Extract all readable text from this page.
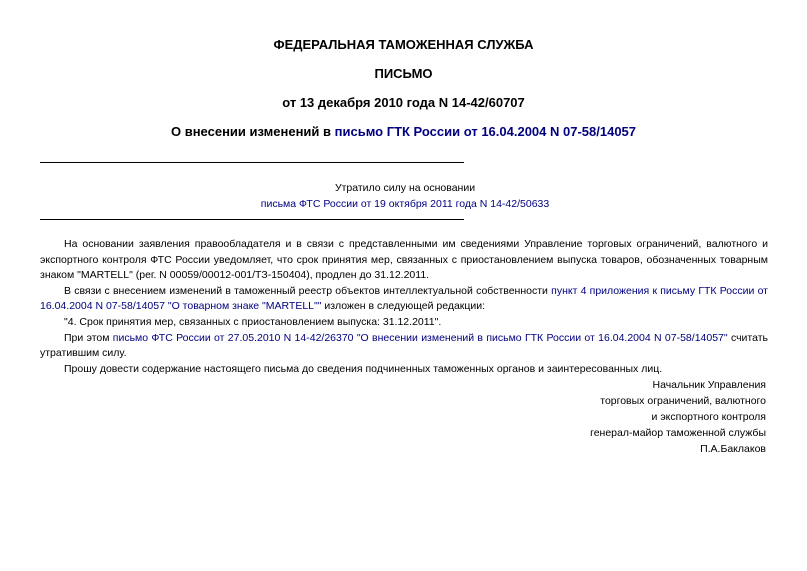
ФЕДЕРАЛЬНАЯ ТАМОЖЕННАЯ СЛУЖБА
ПИСЬМО
от 13 декабря 2010 года N 14-42/60707
О внесении изменений в письмо ГТК России от 16.04.2004 N 07-58/14057
Утратило силу на основании
письма ФТС России от 19 октября 2011 года N 14-42/50633

На основании заявления правообладателя и в связи с представленными им сведениями Управление торговых ограничений, валютного и экспортного контроля ФТС России уведомляет, что срок принятия мер, связанных с приостановлением выпуска товаров, обозначенных товарным знаком "MARTELL" (рег. N 00059/00012-001/ТЗ-150404), продлен до 31.12.2011.

В связи с внесением изменений в таможенный реестр объектов интеллектуальной собственности пункт 4 приложения к письму ГТК России от 16.04.2004 N 07-58/14057 "О товарном знаке "MARTELL"" изложен в следующей редакции:

"4. Срок принятия мер, связанных с приостановлением выпуска: 31.12.2011".

При этом письмо ФТС России от 27.05.2010 N 14-42/26370 "О внесении изменений в письмо ГТК России от 16.04.2004 N 07-58/14057" считать утратившим силу.

Прошу довести содержание настоящего письма до сведения подчиненных таможенных органов и заинтересованных лиц.

Начальник Управления
торговых ограничений, валютного
и экспортного контроля
генерал-майор таможенной службы
П.А.Баклаков
